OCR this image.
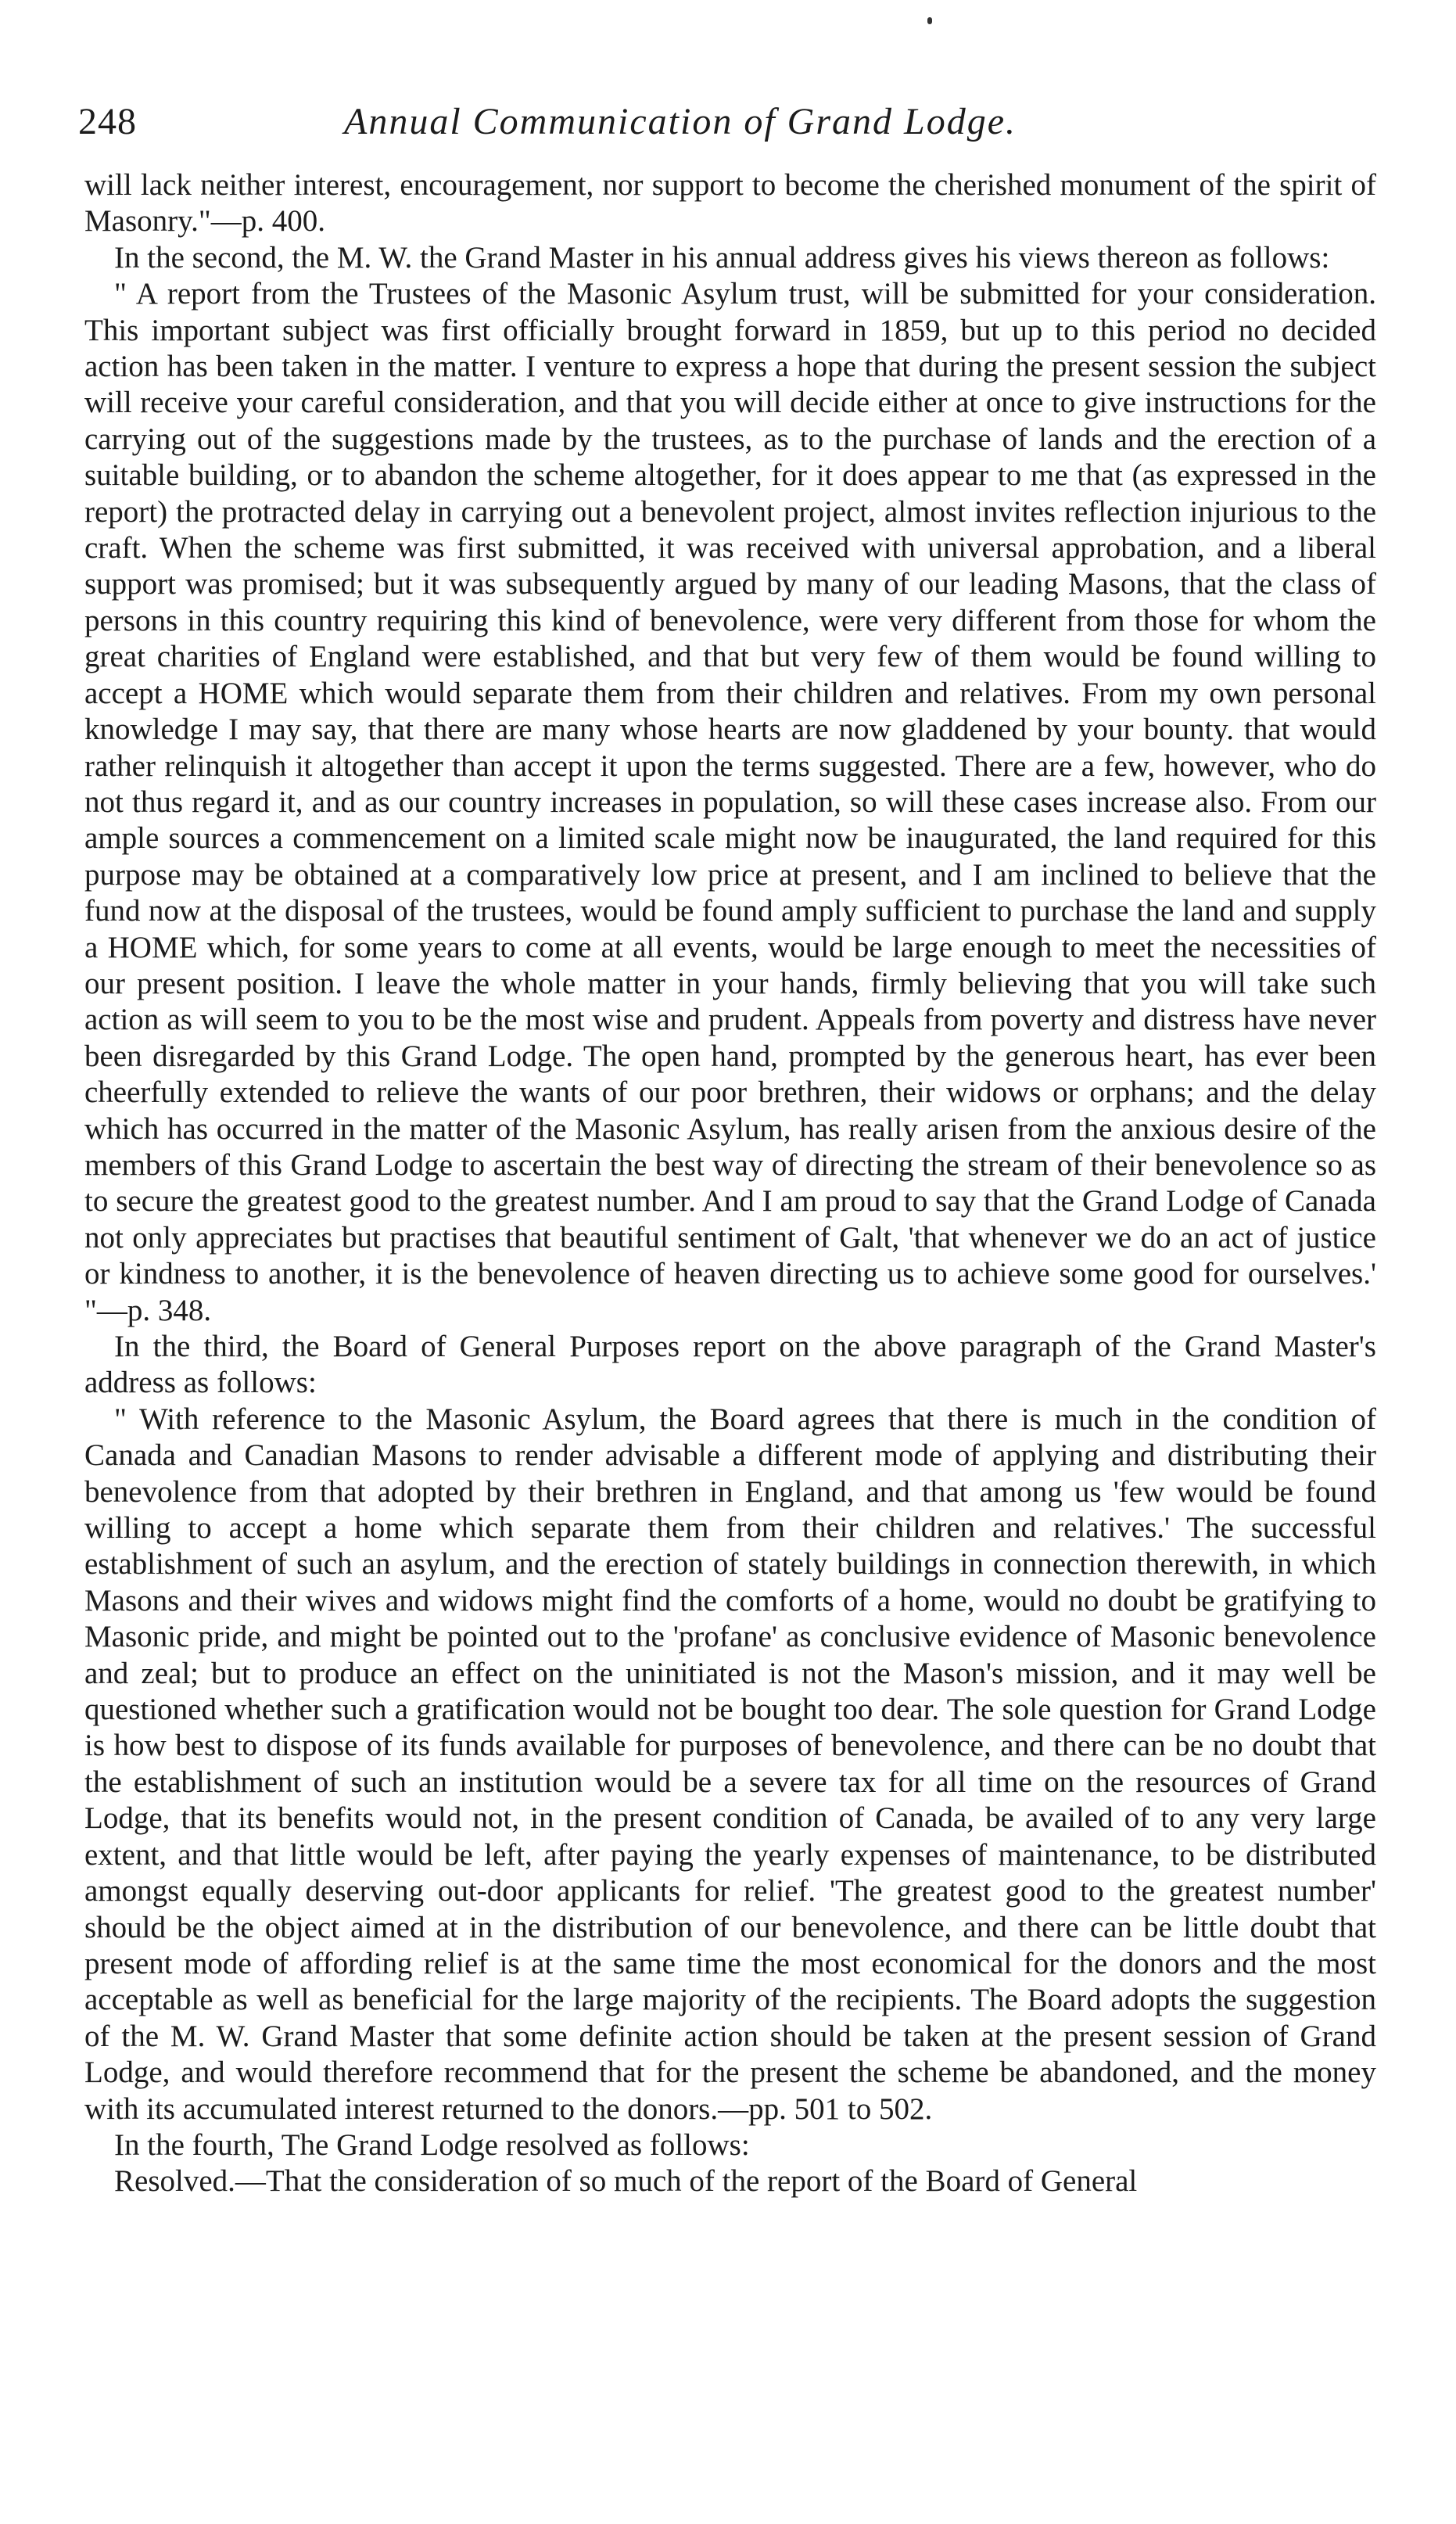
248	Annual Communication of Grand Lodge.

will lack neither interest, encouragement, nor support to become the cherished monument of the spirit of Masonry."—p. 400.

In the second, the M. W. the Grand Master in his annual address gives his views thereon as follows:

" A report from the Trustees of the Masonic Asylum trust, will be submitted for your consideration. This important subject was first officially brought forward in 1859, but up to this period no decided action has been taken in the matter. I venture to express a hope that during the present session the subject will receive your careful consideration, and that you will decide either at once to give instructions for the carrying out of the suggestions made by the trustees, as to the purchase of lands and the erection of a suitable building, or to abandon the scheme altogether, for it does appear to me that (as expressed in the report) the protracted delay in carrying out a benevolent project, almost invites reflection injurious to the craft. When the scheme was first submitted, it was received with universal approbation, and a liberal support was promised; but it was subsequently argued by many of our leading Masons, that the class of persons in this country requiring this kind of benevolence, were very different from those for whom the great charities of England were established, and that but very few of them would be found willing to accept a HOME which would separate them from their children and relatives. From my own personal knowledge I may say, that there are many whose hearts are now gladdened by your bounty. that would rather relinquish it altogether than accept it upon the terms suggested. There are a few, however, who do not thus regard it, and as our country increases in population, so will these cases increase also. From our ample sources a commencement on a limited scale might now be inaugurated, the land required for this purpose may be obtained at a comparatively low price at present, and I am inclined to believe that the fund now at the disposal of the trustees, would be found amply sufficient to purchase the land and supply a HOME which, for some years to come at all events, would be large enough to meet the necessities of our present position. I leave the whole matter in your hands, firmly believing that you will take such action as will seem to you to be the most wise and prudent. Appeals from poverty and distress have never been disregarded by this Grand Lodge. The open hand, prompted by the generous heart, has ever been cheerfully extended to relieve the wants of our poor brethren, their widows or orphans; and the delay which has occurred in the matter of the Masonic Asylum, has really arisen from the anxious desire of the members of this Grand Lodge to ascertain the best way of directing the stream of their benevolence so as to secure the greatest good to the greatest number. And I am proud to say that the Grand Lodge of Canada not only appreciates but practises that beautiful sentiment of Galt, 'that whenever we do an act of justice or kindness to another, it is the benevolence of heaven directing us to achieve some good for ourselves.' "—p. 348.

In the third, the Board of General Purposes report on the above paragraph of the Grand Master's address as follows:

" With reference to the Masonic Asylum, the Board agrees that there is much in the condition of Canada and Canadian Masons to render advisable a different mode of applying and distributing their benevolence from that adopted by their brethren in England, and that among us 'few would be found willing to accept a home which separate them from their children and relatives.' The successful establishment of such an asylum, and the erection of stately buildings in connection therewith, in which Masons and their wives and widows might find the comforts of a home, would no doubt be gratifying to Masonic pride, and might be pointed out to the 'profane' as conclusive evidence of Masonic benevolence and zeal; but to produce an effect on the uninitiated is not the Mason's mission, and it may well be questioned whether such a gratification would not be bought too dear. The sole question for Grand Lodge is how best to dispose of its funds available for purposes of benevolence, and there can be no doubt that the establishment of such an institution would be a severe tax for all time on the resources of Grand Lodge, that its benefits would not, in the present condition of Canada, be availed of to any very large extent, and that little would be left, after paying the yearly expenses of maintenance, to be distributed amongst equally deserving out-door applicants for relief. 'The greatest good to the greatest number' should be the object aimed at in the distribution of our benevolence, and there can be little doubt that present mode of affording relief is at the same time the most economical for the donors and the most acceptable as well as beneficial for the large majority of the recipients. The Board adopts the suggestion of the M. W. Grand Master that some definite action should be taken at the present session of Grand Lodge, and would therefore recommend that for the present the scheme be abandoned, and the money with its accumulated interest returned to the donors.—pp. 501 to 502.

In the fourth, The Grand Lodge resolved as follows:

Resolved.—That the consideration of so much of the report of the Board of General
